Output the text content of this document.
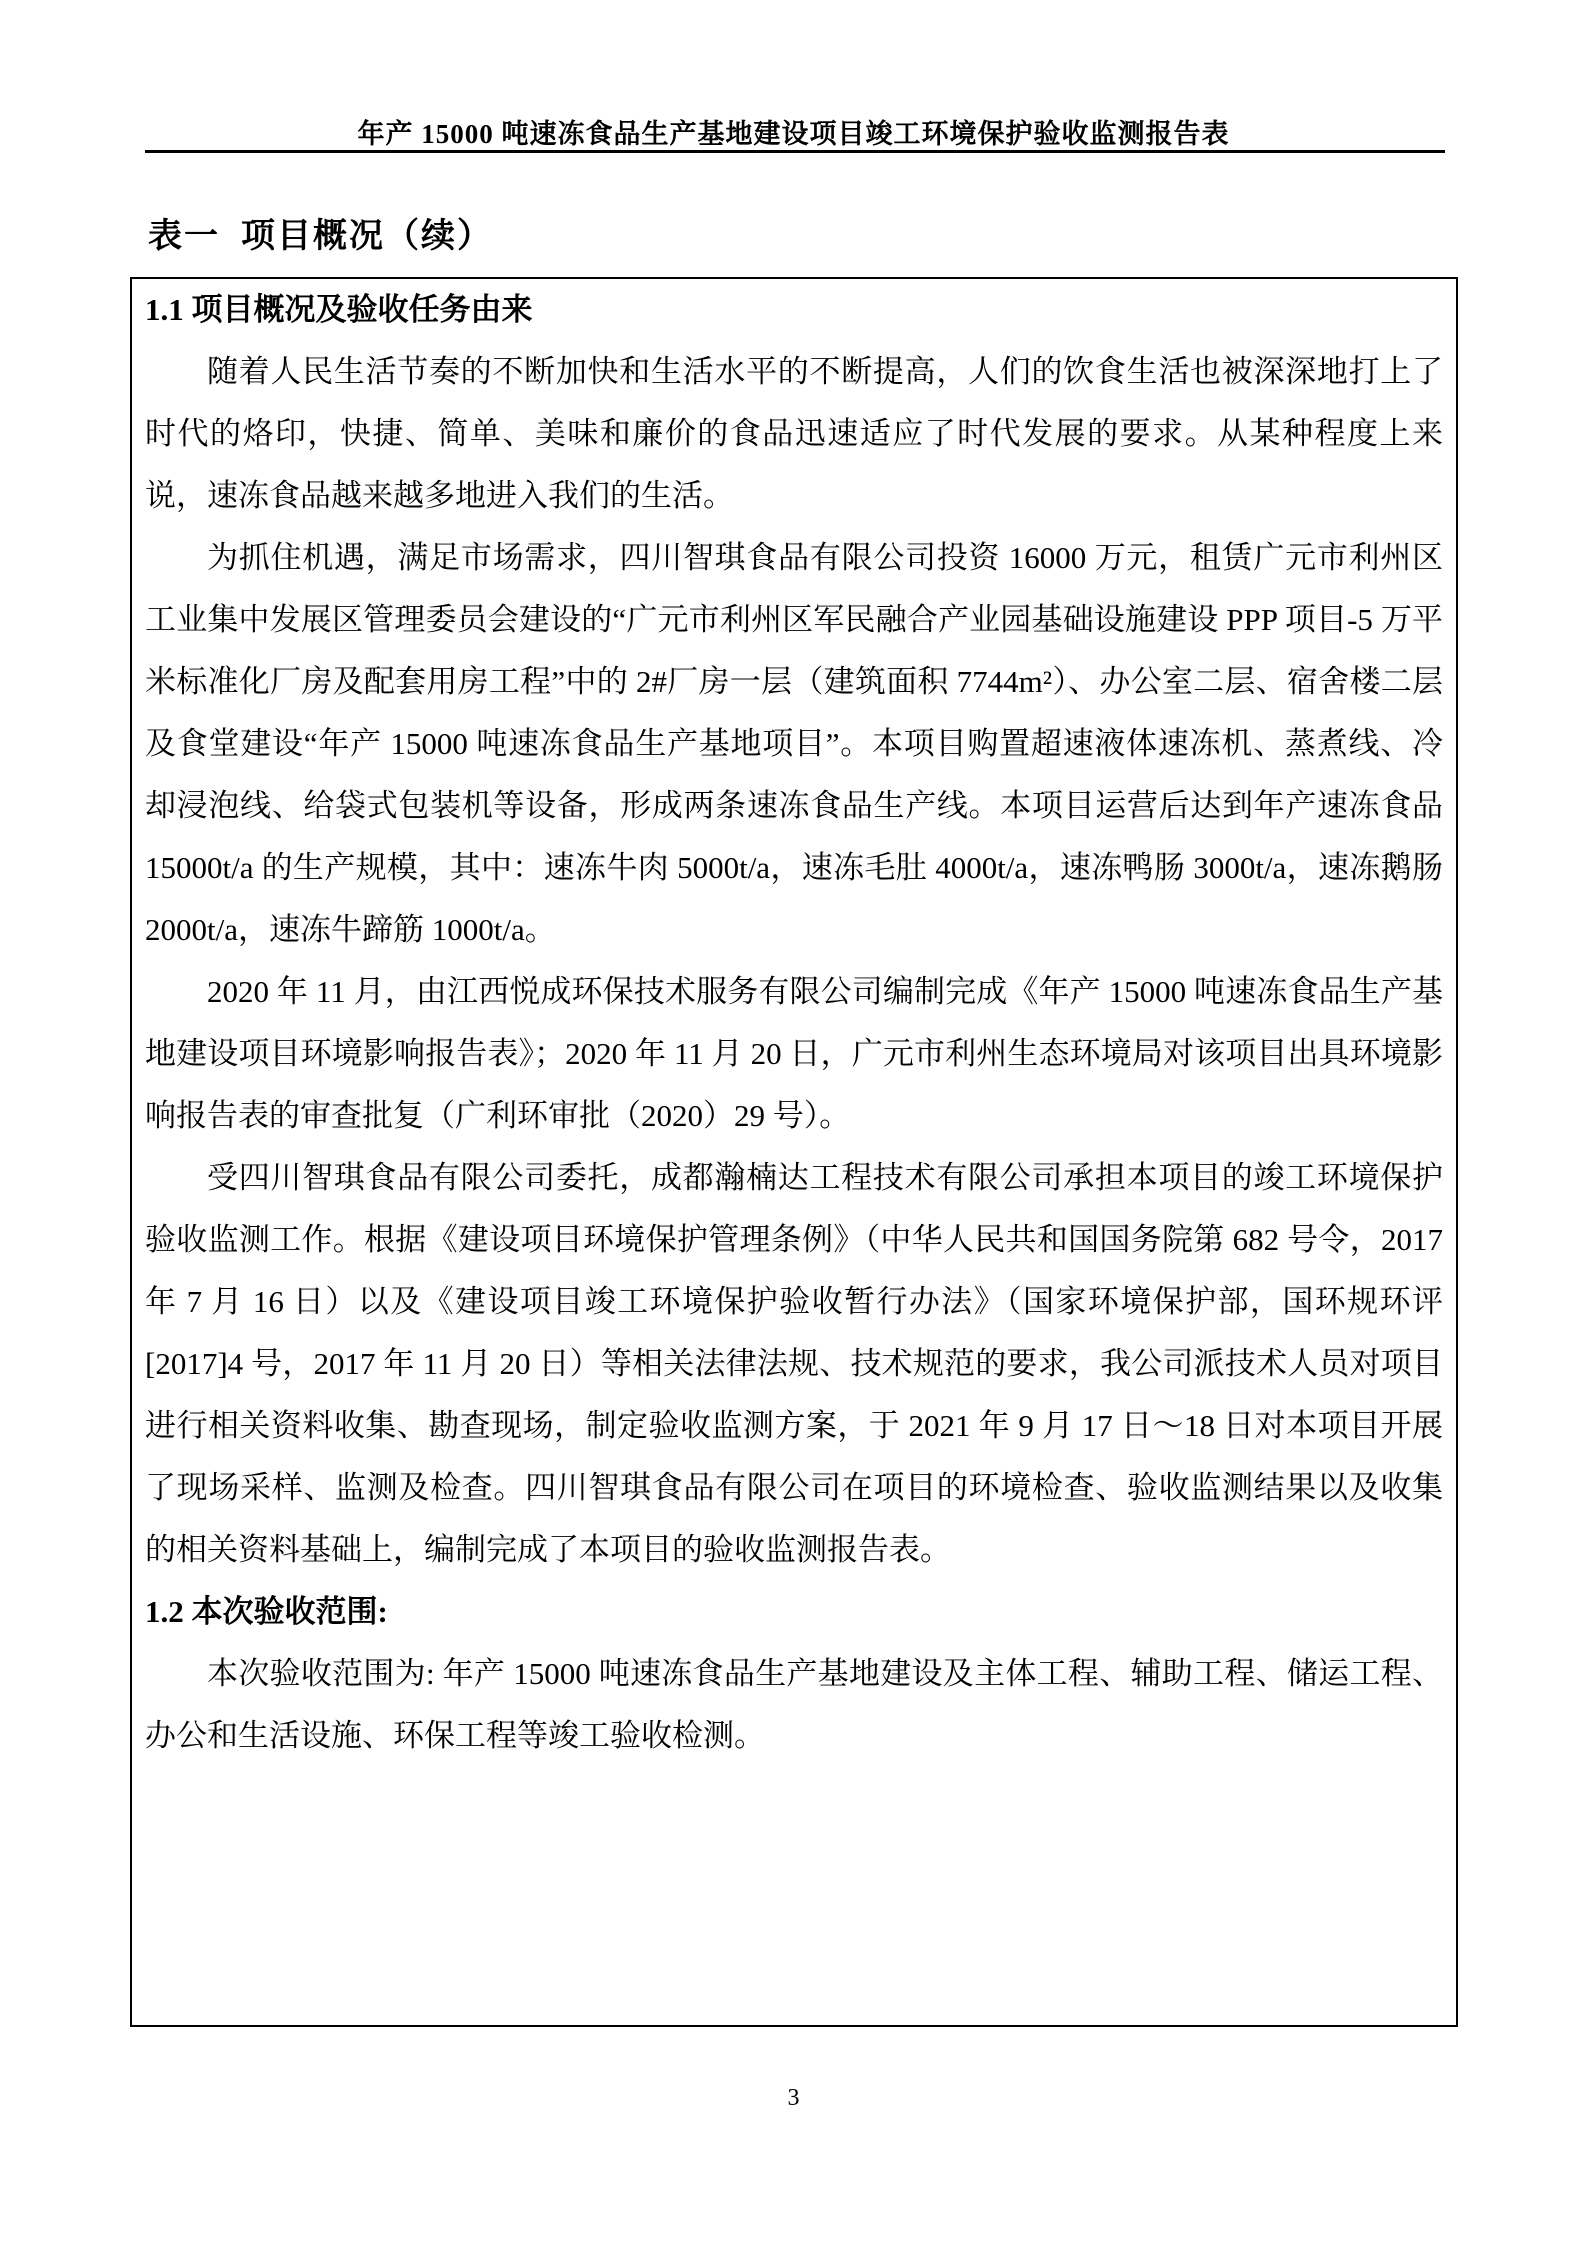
年产 15000 吨速冻食品生产基地建设项目竣工环境保护验收监测报告表
表一  项目概况（续）
1.1 项目概况及验收任务由来

随着人民生活节奏的不断加快和生活水平的不断提高，人们的饮食生活也被深深地打上了时代的烙印，快捷、简单、美味和廉价的食品迅速适应了时代发展的要求。从某种程度上来说，速冻食品越来越多地进入我们的生活。

为抓住机遇，满足市场需求，四川智琪食品有限公司投资 16000 万元，租赁广元市利州区工业集中发展区管理委员会建设的“广元市利州区军民融合产业园基础设施建设 PPP 项目-5 万平米标准化厂房及配套用房工程”中的 2#厂房一层（建筑面积 7744m²）、办公室二层、宿舍楼二层及食堂建设“年产 15000 吨速冻食品生产基地项目”。本项目购置超速液体速冻机、蒸煮线、冷却浸泡线、给袋式包装机等设备，形成两条速冻食品生产线。本项目运营后达到年产速冻食品 15000t/a 的生产规模，其中：速冻牛肉 5000t/a，速冻毛肚 4000t/a，速冻鸭肠 3000t/a，速冻鹅肠 2000t/a，速冻牛蹄筋 1000t/a。

2020 年 11 月，由江西悦成环保技术服务有限公司编制完成《年产 15000 吨速冻食品生产基地建设项目环境影响报告表》；2020 年 11 月 20 日，广元市利州生态环境局对该项目出具环境影响报告表的审查批复（广利环审批（2020）29 号）。

受四川智琪食品有限公司委托，成都瀚楠达工程技术有限公司承担本项目的竣工环境保护验收监测工作。根据《建设项目环境保护管理条例》（中华人民共和国国务院第 682 号令，2017 年 7 月 16 日）以及《建设项目竣工环境保护验收暂行办法》（国家环境保护部，国环规环评[2017]4 号，2017 年 11 月 20 日）等相关法律法规、技术规范的要求，我公司派技术人员对项目进行相关资料收集、勘查现场，制定验收监测方案，于 2021 年 9 月 17 日～18 日对本项目开展了现场采样、监测及检查。四川智琪食品有限公司在项目的环境检查、验收监测结果以及收集的相关资料基础上，编制完成了本项目的验收监测报告表。

1.2 本次验收范围:

本次验收范围为: 年产 15000 吨速冻食品生产基地建设及主体工程、辅助工程、储运工程、办公和生活设施、环保工程等竣工验收检测。

3
